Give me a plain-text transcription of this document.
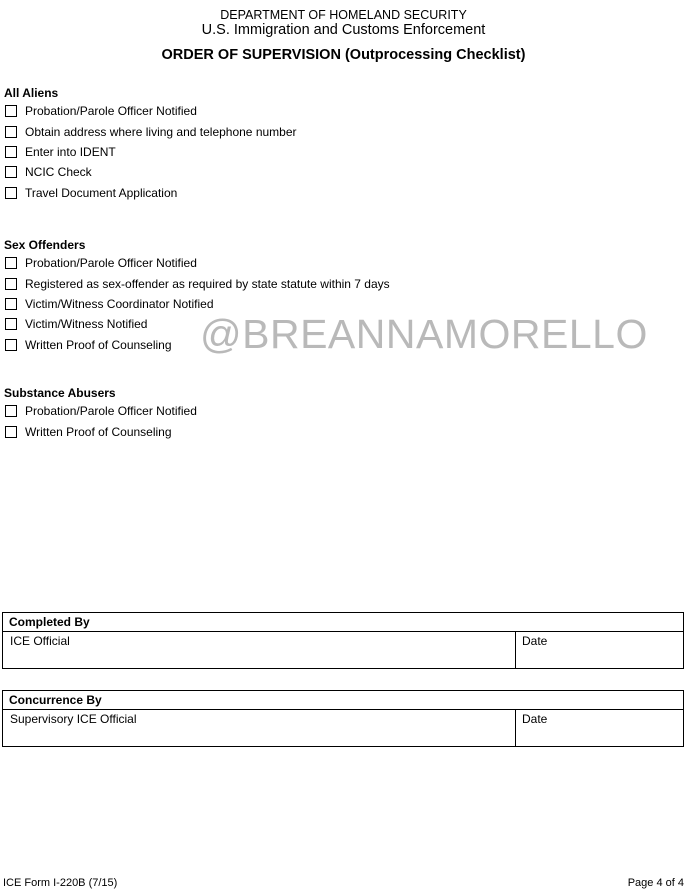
DEPARTMENT OF HOMELAND SECURITY
U.S. Immigration and Customs Enforcement
ORDER OF SUPERVISION (Outprocessing Checklist)
All Aliens
Probation/Parole Officer Notified
Obtain address where living and telephone number
Enter into IDENT
NCIC Check
Travel Document Application
Sex Offenders
Probation/Parole Officer Notified
Registered as sex-offender as required by state statute within 7 days
Victim/Witness Coordinator Notified
Victim/Witness Notified
Written Proof of Counseling
Substance Abusers
Probation/Parole Officer Notified
Written Proof of Counseling
@BREANNAMORELLO
Completed By
ICE Official	Date
Concurrence By
Supervisory ICE Official	Date
ICE Form I-220B (7/15)	Page 4 of 4
